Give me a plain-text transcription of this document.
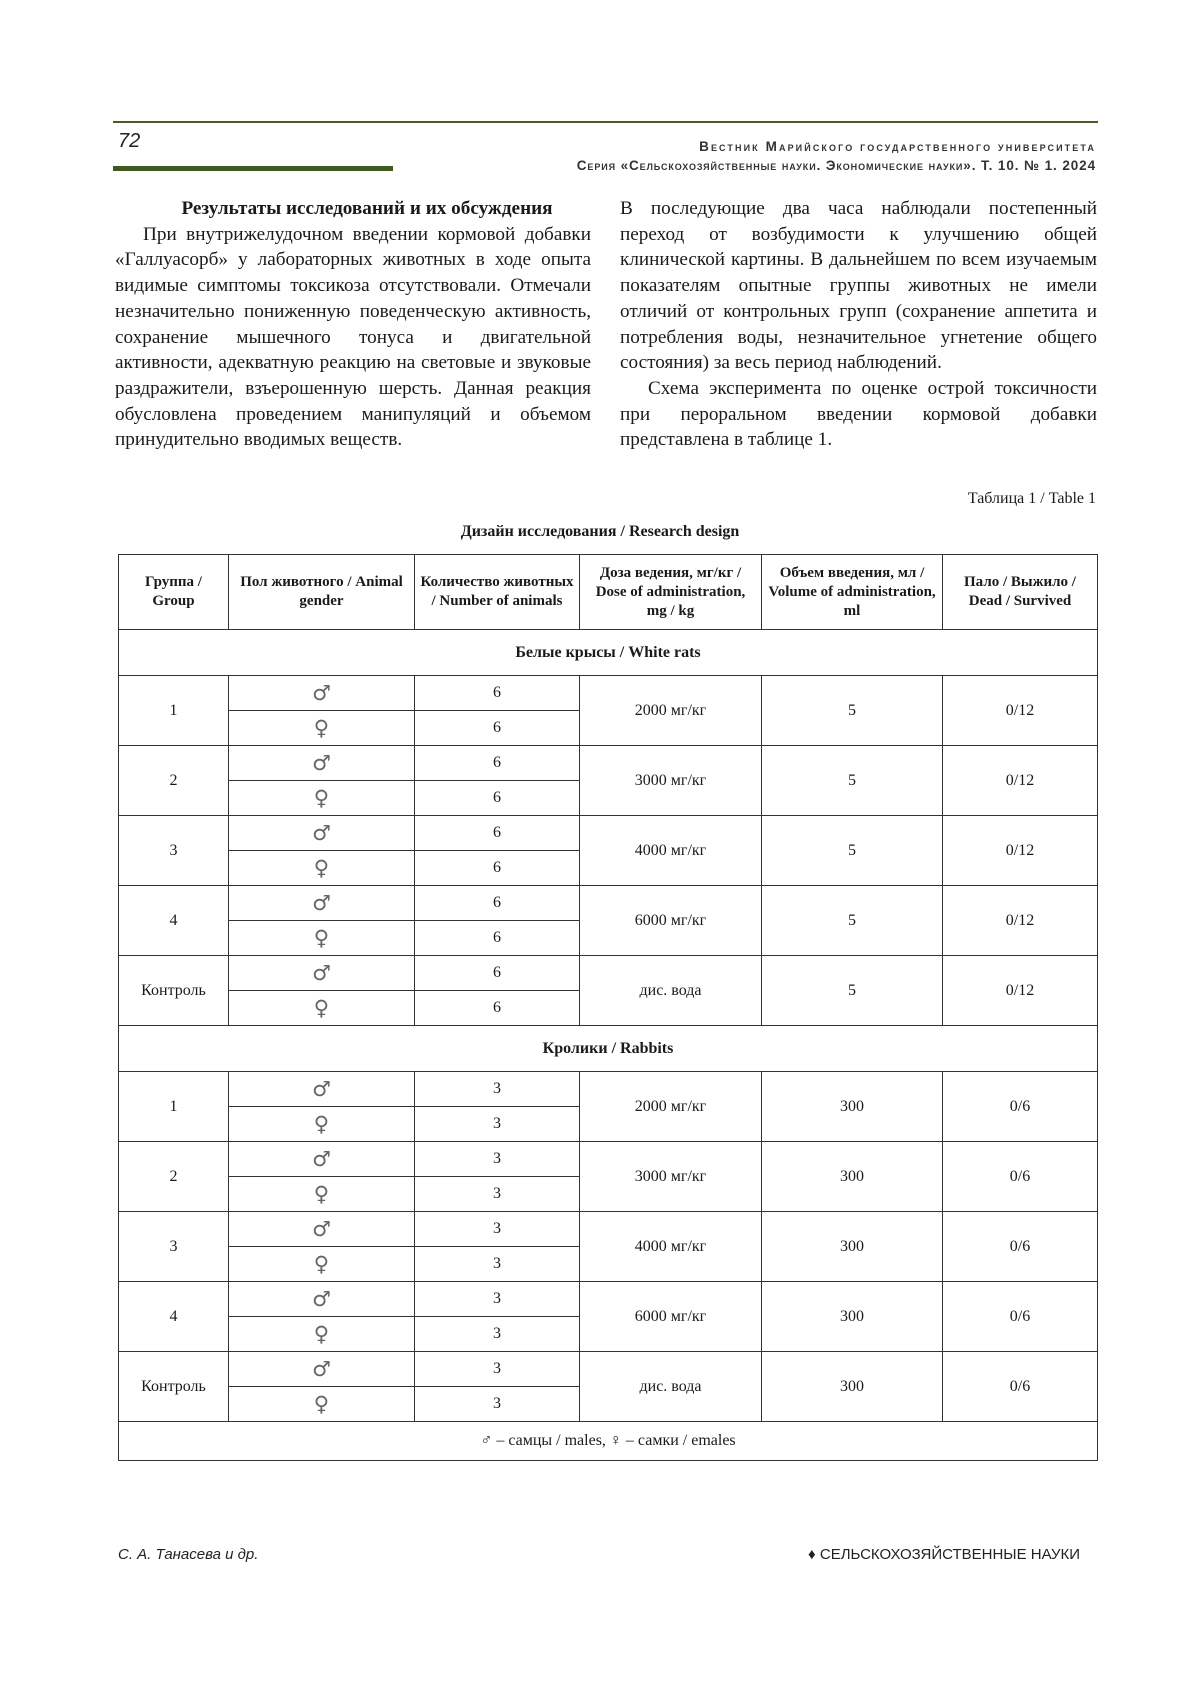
72	Вестник Марийского государственного университета
Серия «Сельскохозяйственные науки. Экономические науки». Т. 10. № 1. 2024

Результаты исследований и их обсуждения

При внутрижелудочном введении кормовой добавки «Галлуасорб» у лабораторных животных в ходе опыта видимые симптомы токсикоза отсутствовали. Отмечали незначительно пониженную поведенческую активность, сохранение мышечного тонуса и двигательной активности, адекватную реакцию на световые и звуковые раздражители, взъерошенную шерсть. Данная реакция обусловлена проведением манипуляций и объемом принудительно вводимых веществ.

В последующие два часа наблюдали постепенный переход от возбудимости к улучшению общей клинической картины. В дальнейшем по всем изучаемым показателям опытные группы животных не имели отличий от контрольных групп (сохранение аппетита и потребления воды, незначительное угнетение общего состояния) за весь период наблюдений.

Схема эксперимента по оценке острой токсичности при пероральном введении кормовой добавки представлена в таблице 1.

Таблица 1 / Table 1
Дизайн исследования / Research design
Группа / Group	Пол животного / Animal gender	Количество животных / Number of animals	Доза ведения, мг/кг / Dose of administration, mg / kg	Объем введения, мл / Volume of administration, ml	Пало / Выжило / Dead / Survived
Белые крысы / White rats					
1	♂	6	2000 мг/кг	5	0/12
	♀	6			
2	♂	6	3000 мг/кг	5	0/12
	♀	6			
3	♂	6	4000 мг/кг	5	0/12
	♀	6			
4	♂	6	6000 мг/кг	5	0/12
	♀	6			
Контроль	♂	6	дис. вода	5	0/12
	♀	6			
Кролики / Rabbits					
1	♂	3	2000 мг/кг	300	0/6
	♀	3			
2	♂	3	3000 мг/кг	300	0/6
	♀	3			
3	♂	3	4000 мг/кг	300	0/6
	♀	3			
4	♂	3	6000 мг/кг	300	0/6
	♀	3			
Контроль	♂	3	дис. вода	300	0/6
	♀	3			
♂ – самцы / males, ♀ – самки / emales					
С. А. Танасева и др.	♦ СЕЛЬСКОХОЗЯЙСТВЕННЫЕ НАУКИ
